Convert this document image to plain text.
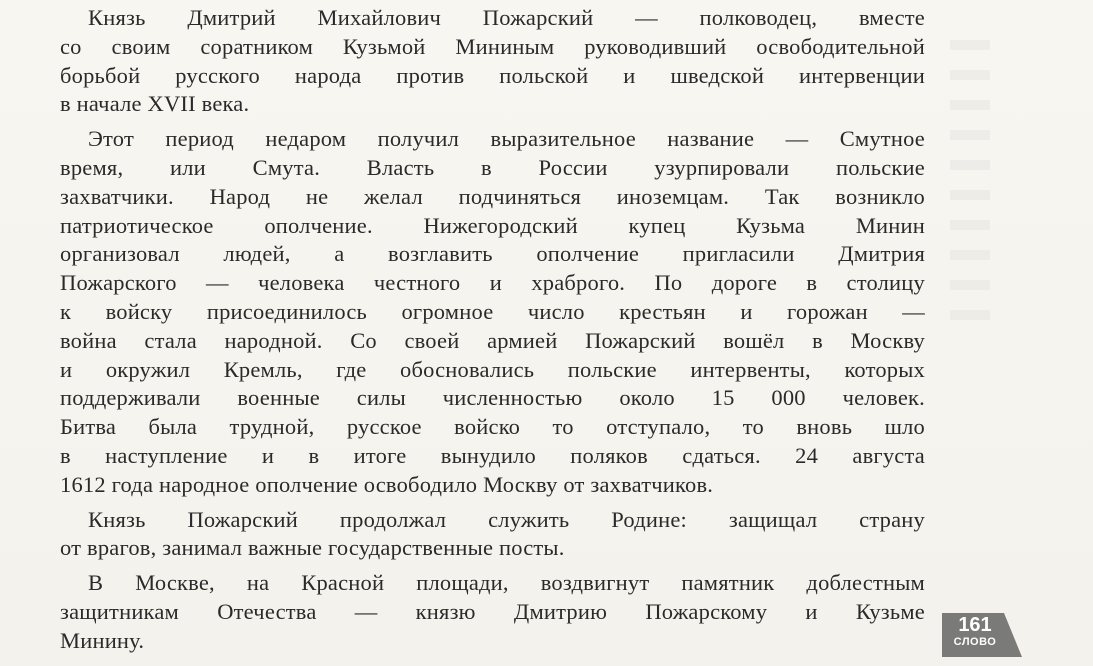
Князь Дмитрий Михайлович Пожарский — полководец, вместе
со своим соратником Кузьмой Мининым руководивший освободительной
борьбой русского народа против польской и шведской интервенции
в начале XVII века.
Этот период недаром получил выразительное название — Смутное
время, или Смута. Власть в России узурпировали польские
захватчики. Народ не желал подчиняться иноземцам. Так возникло
патриотическое ополчение. Нижегородский купец Кузьма Минин
организовал людей, а возглавить ополчение пригласили Дмитрия
Пожарского — человека честного и храброго. По дороге в столицу
к войску присоединилось огромное число крестьян и горожан —
война стала народной. Со своей армией Пожарский вошёл в Москву
и окружил Кремль, где обосновались польские интервенты, которых
поддерживали военные силы численностью около 15 000 человек.
Битва была трудной, русское войско то отступало, то вновь шло
в наступление и в итоге вынудило поляков сдаться. 24 августа
1612 года народное ополчение освободило Москву от захватчиков.
Князь Пожарский продолжал служить Родине: защищал страну
от врагов, занимал важные государственные посты.
В Москве, на Красной площади, воздвигнут памятник доблестным
защитникам Отечества — князю Дмитрию Пожарскому и Кузьме
Минину.
161
СЛОВО
